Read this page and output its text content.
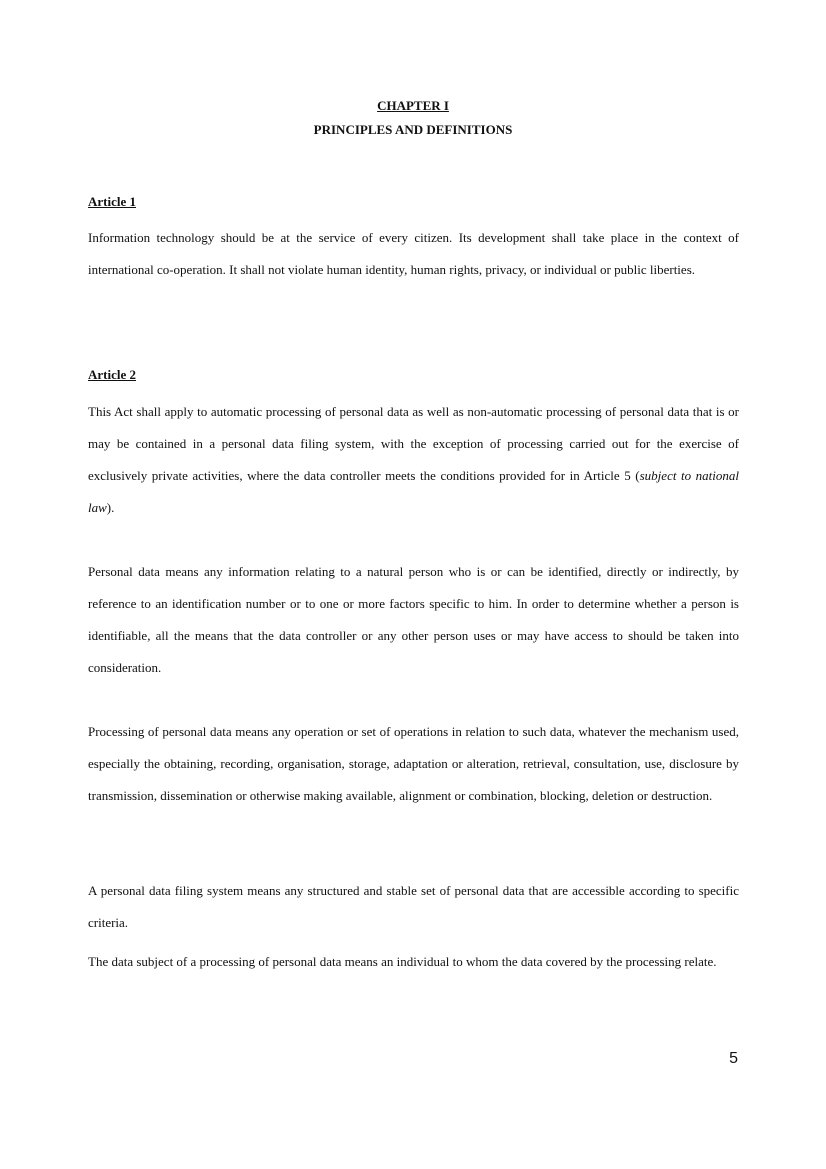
CHAPTER I

PRINCIPLES AND DEFINITIONS

Article 1

Information technology should be at the service of every citizen. Its development shall take place in the context of international co-operation. It shall not violate human identity, human rights, privacy, or individual or public liberties.

Article 2

This Act shall apply to automatic processing of personal data as well as non-automatic processing of personal data that is or may be contained in a personal data filing system, with the exception of processing carried out for the exercise of exclusively private activities, where the data controller meets the conditions provided for in Article 5 (subject to national law).

Personal data means any information relating to a natural person who is or can be identified, directly or indirectly, by reference to an identification number or to one or more factors specific to him. In order to determine whether a person is identifiable, all the means that the data controller or any other person uses or may have access to should be taken into consideration.

Processing of personal data means any operation or set of operations in relation to such data, whatever the mechanism used, especially the obtaining, recording, organisation, storage, adaptation or alteration, retrieval, consultation, use, disclosure by transmission, dissemination or otherwise making available, alignment or combination, blocking, deletion or destruction.

A personal data filing system means any structured and stable set of personal data that are accessible according to specific criteria.

The data subject of a processing of personal data means an individual to whom the data covered by the processing relate.

5
